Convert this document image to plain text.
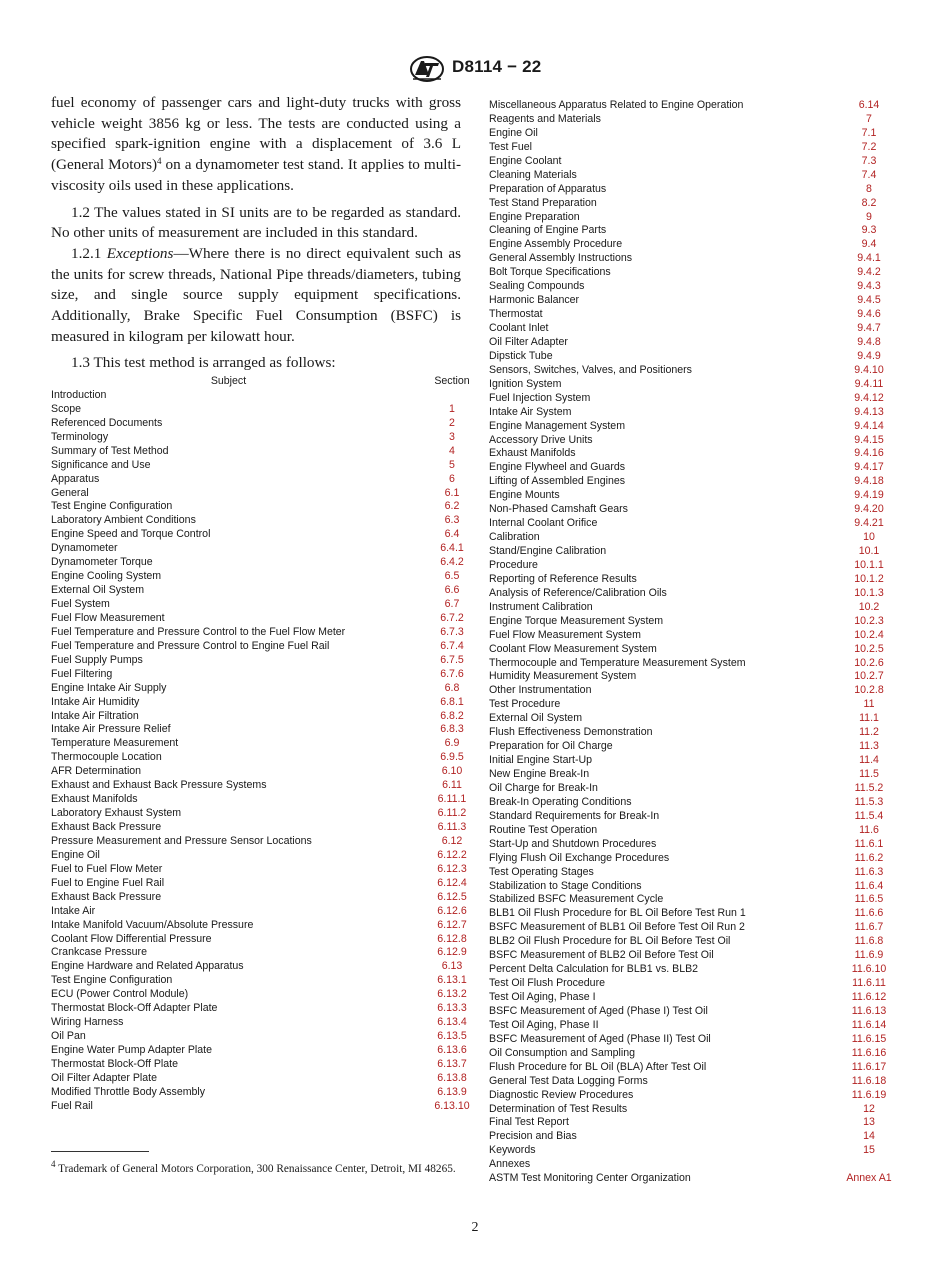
D8114 − 22

fuel economy of passenger cars and light-duty trucks with gross vehicle weight 3856 kg or less. The tests are conducted using a specified spark-ignition engine with a displacement of 3.6 L (General Motors)$^4$ on a dynamometer test stand. It applies to multi-viscosity oils used in these applications.

1.2 The values stated in SI units are to be regarded as standard. No other units of measurement are included in this standard.

1.2.1 Exceptions—Where there is no direct equivalent such as the units for screw threads, National Pipe threads/diameters, tubing size, and single source supply equipment specifications. Additionally, Brake Specific Fuel Consumption (BSFC) is measured in kilogram per kilowatt hour.

1.3 This test method is arranged as follows:

Subject	Section
Introduction
Scope	1
Referenced Documents	2
Terminology	3
Summary of Test Method	4
Significance and Use	5
Apparatus	6
General	6.1
Test Engine Configuration	6.2
Laboratory Ambient Conditions	6.3
Engine Speed and Torque Control	6.4
Dynamometer	6.4.1
Dynamometer Torque	6.4.2
Engine Cooling System	6.5
External Oil System	6.6
Fuel System	6.7
Fuel Flow Measurement	6.7.2
Fuel Temperature and Pressure Control to the Fuel Flow Meter	6.7.3
Fuel Temperature and Pressure Control to Engine Fuel Rail	6.7.4
Fuel Supply Pumps	6.7.5
Fuel Filtering	6.7.6
Engine Intake Air Supply	6.8
Intake Air Humidity	6.8.1
Intake Air Filtration	6.8.2
Intake Air Pressure Relief	6.8.3
Temperature Measurement	6.9
Thermocouple Location	6.9.5
AFR Determination	6.10
Exhaust and Exhaust Back Pressure Systems	6.11
Exhaust Manifolds	6.11.1
Laboratory Exhaust System	6.11.2
Exhaust Back Pressure	6.11.3
Pressure Measurement and Pressure Sensor Locations	6.12
Engine Oil	6.12.2
Fuel to Fuel Flow Meter	6.12.3
Fuel to Engine Fuel Rail	6.12.4
Exhaust Back Pressure	6.12.5
Intake Air	6.12.6
Intake Manifold Vacuum/Absolute Pressure	6.12.7
Coolant Flow Differential Pressure	6.12.8
Crankcase Pressure	6.12.9
Engine Hardware and Related Apparatus	6.13
Test Engine Configuration	6.13.1
ECU (Power Control Module)	6.13.2
Thermostat Block-Off Adapter Plate	6.13.3
Wiring Harness	6.13.4
Oil Pan	6.13.5
Engine Water Pump Adapter Plate	6.13.6
Thermostat Block-Off Plate	6.13.7
Oil Filter Adapter Plate	6.13.8
Modified Throttle Body Assembly	6.13.9
Fuel Rail	6.13.10
Miscellaneous Apparatus Related to Engine Operation	6.14
Reagents and Materials	7
Engine Oil	7.1
Test Fuel	7.2
Engine Coolant	7.3
Cleaning Materials	7.4
Preparation of Apparatus	8
Test Stand Preparation	8.2
Engine Preparation	9
Cleaning of Engine Parts	9.3
Engine Assembly Procedure	9.4
General Assembly Instructions	9.4.1
Bolt Torque Specifications	9.4.2
Sealing Compounds	9.4.3
Harmonic Balancer	9.4.5
Thermostat	9.4.6
Coolant Inlet	9.4.7
Oil Filter Adapter	9.4.8
Dipstick Tube	9.4.9
Sensors, Switches, Valves, and Positioners	9.4.10
Ignition System	9.4.11
Fuel Injection System	9.4.12
Intake Air System	9.4.13
Engine Management System	9.4.14
Accessory Drive Units	9.4.15
Exhaust Manifolds	9.4.16
Engine Flywheel and Guards	9.4.17
Lifting of Assembled Engines	9.4.18
Engine Mounts	9.4.19
Non-Phased Camshaft Gears	9.4.20
Internal Coolant Orifice	9.4.21
Calibration	10
Stand/Engine Calibration	10.1
Procedure	10.1.1
Reporting of Reference Results	10.1.2
Analysis of Reference/Calibration Oils	10.1.3
Instrument Calibration	10.2
Engine Torque Measurement System	10.2.3
Fuel Flow Measurement System	10.2.4
Coolant Flow Measurement System	10.2.5
Thermocouple and Temperature Measurement System	10.2.6
Humidity Measurement System	10.2.7
Other Instrumentation	10.2.8
Test Procedure	11
External Oil System	11.1
Flush Effectiveness Demonstration	11.2
Preparation for Oil Charge	11.3
Initial Engine Start-Up	11.4
New Engine Break-In	11.5
Oil Charge for Break-In	11.5.2
Break-In Operating Conditions	11.5.3
Standard Requirements for Break-In	11.5.4
Routine Test Operation	11.6
Start-Up and Shutdown Procedures	11.6.1
Flying Flush Oil Exchange Procedures	11.6.2
Test Operating Stages	11.6.3
Stabilization to Stage Conditions	11.6.4
Stabilized BSFC Measurement Cycle	11.6.5
BLB1 Oil Flush Procedure for BL Oil Before Test Run 1	11.6.6
BSFC Measurement of BLB1 Oil Before Test Oil Run 2	11.6.7
BLB2 Oil Flush Procedure for BL Oil Before Test Oil	11.6.8
BSFC Measurement of BLB2 Oil Before Test Oil	11.6.9
Percent Delta Calculation for BLB1 vs. BLB2	11.6.10
Test Oil Flush Procedure	11.6.11
Test Oil Aging, Phase I	11.6.12
BSFC Measurement of Aged (Phase I) Test Oil	11.6.13
Test Oil Aging, Phase II	11.6.14
BSFC Measurement of Aged (Phase II) Test Oil	11.6.15
Oil Consumption and Sampling	11.6.16
Flush Procedure for BL Oil (BLA) After Test Oil	11.6.17
General Test Data Logging Forms	11.6.18
Diagnostic Review Procedures	11.6.19
Determination of Test Results	12
Final Test Report	13
Precision and Bias	14
Keywords	15
Annexes
ASTM Test Monitoring Center Organization	Annex A1
$^4$ Trademark of General Motors Corporation, 300 Renaissance Center, Detroit, MI 48265.
2
